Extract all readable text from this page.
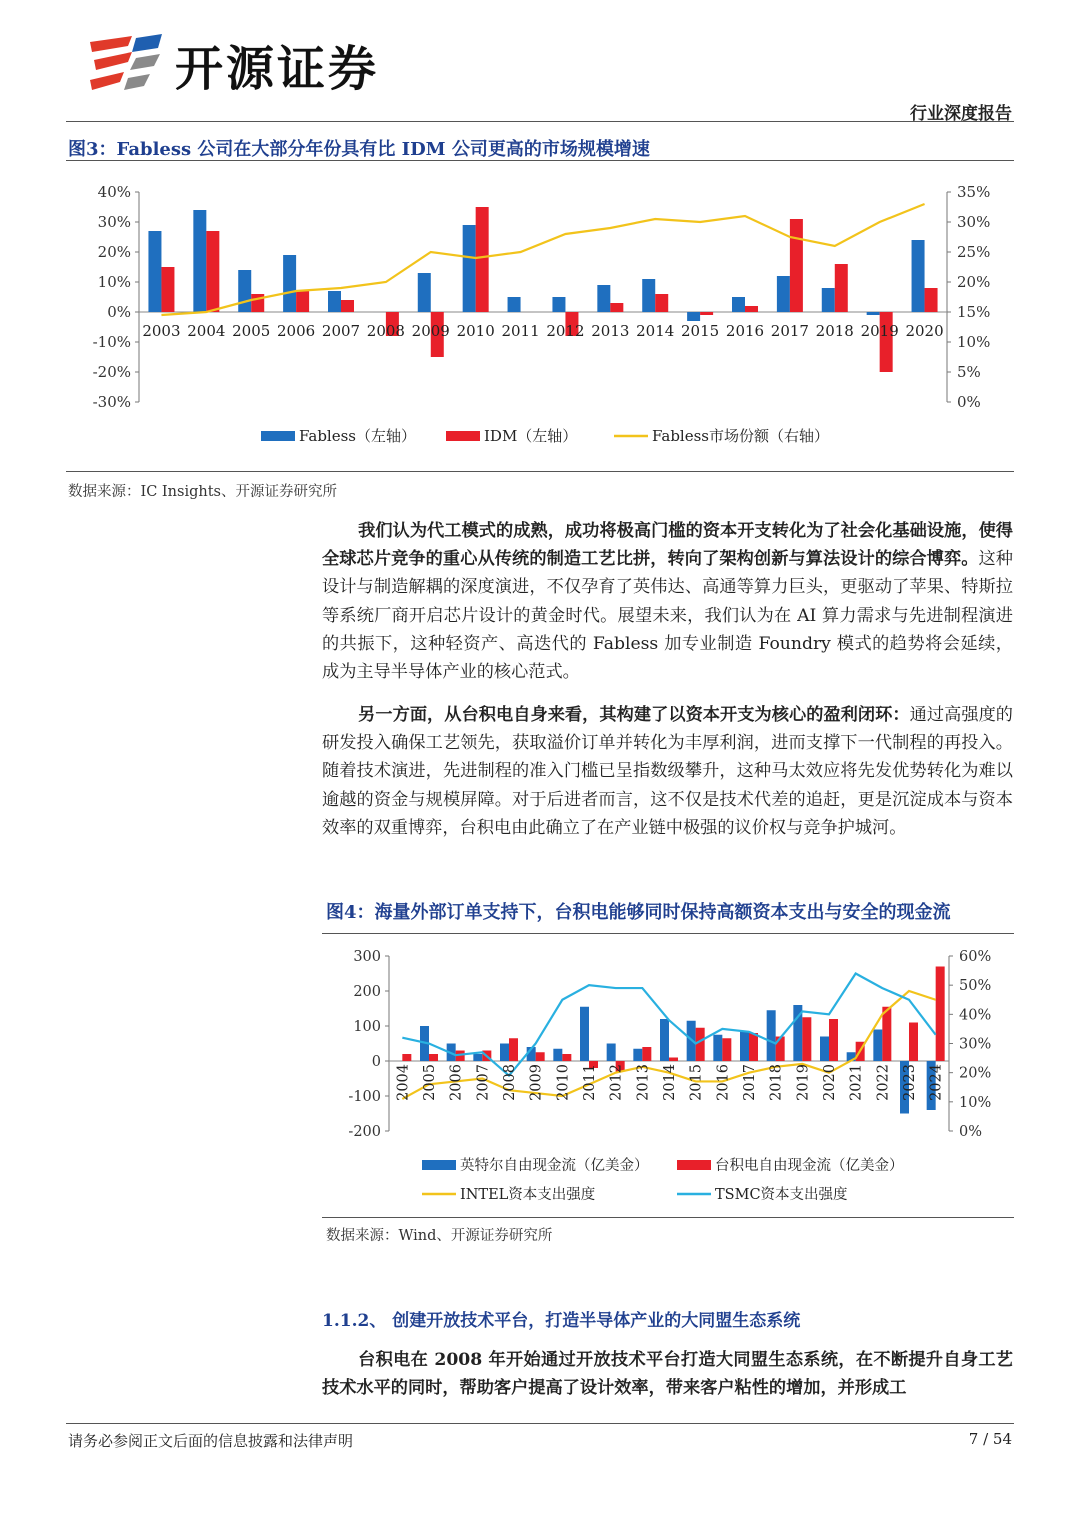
开源证券
行业深度报告
图3：Fabless 公司在大部分年份具有比 IDM 公司更高的市场规模增速
-30%
-20%
-10%
0%
10%
20%
30%
40%
0%
5%
10%
15%
20%
25%
30%
35%
2003 2004 2005 2006 2007 2008 2009 2010 2011 2012 2013 2014 2015 2016 2017 2018 2019 2020
Fabless（左轴）	IDM（左轴）	Fabless市场份额（右轴）
数据来源：IC Insights、开源证券研究所
我们认为代工模式的成熟，成功将极高门槛的资本开支转化为了社会化基础设施，使得全球芯片竞争的重心从传统的制造工艺比拼，转向了架构创新与算法设计的综合博弈。这种设计与制造解耦的深度演进，不仅孕育了英伟达、高通等算力巨头，更驱动了苹果、特斯拉等系统厂商开启芯片设计的黄金时代。展望未来，我们认为在 AI 算力需求与先进制程演进的共振下，这种轻资产、高迭代的 Fabless 加专业制造 Foundry 模式的趋势将会延续，成为主导半导体产业的核心范式。
另一方面，从台积电自身来看，其构建了以资本开支为核心的盈利闭环：通过高强度的研发投入确保工艺领先，获取溢价订单并转化为丰厚利润，进而支撑下一代制程的再投入。随着技术演进，先进制程的准入门槛已呈指数级攀升，这种马太效应将先发优势转化为难以逾越的资金与规模屏障。对于后进者而言，这不仅是技术代差的追赶，更是沉淀成本与资本效率的双重博弈，台积电由此确立了在产业链中极强的议价权与竞争护城河。
图4：海量外部订单支持下，台积电能够同时保持高额资本支出与安全的现金流
-200
-100
0
100
200
300
0%
10%
20%
30%
40%
50%
60%
2004 2005 2006 2007 2008 2009 2010 2011 2012 2013 2014 2015 2016 2017 2018 2019 2020 2021 2022 2023 2024
英特尔自由现金流（亿美金）	台积电自由现金流（亿美金）
INTEL资本支出强度	TSMC资本支出强度
数据来源：Wind、开源证券研究所
1.1.2、 创建开放技术平台，打造半导体产业的大同盟生态系统
台积电在 2008 年开始通过开放技术平台打造大同盟生态系统，在不断提升自身工艺技术水平的同时，帮助客户提高了设计效率，带来客户粘性的增加，并形成工
请务必参阅正文后面的信息披露和法律声明	7 / 54
